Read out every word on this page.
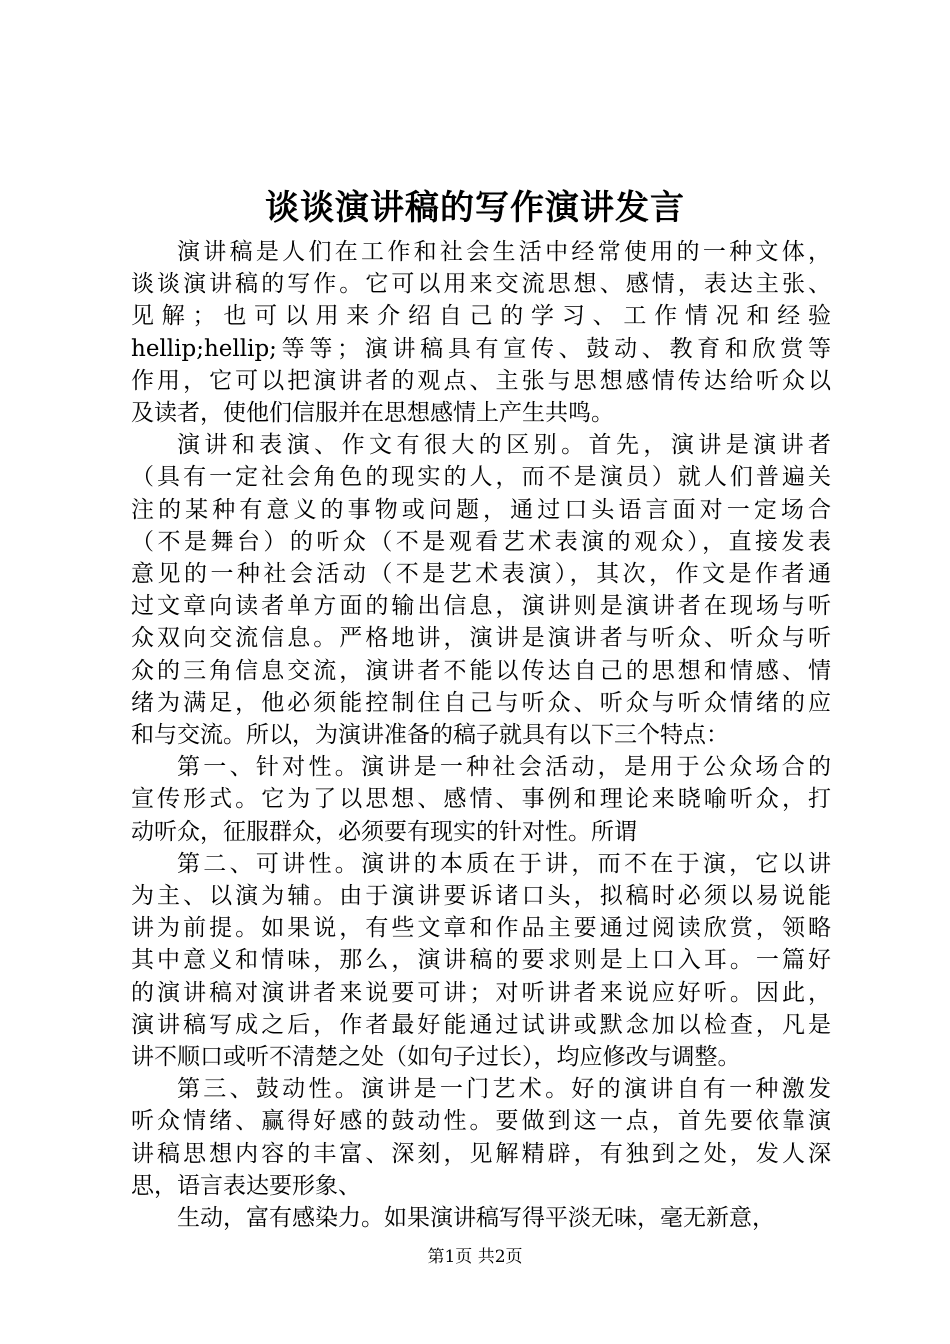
谈谈演讲稿的写作演讲发言
演讲稿是人们在工作和社会生活中经常使用的一种文体，
谈谈演讲稿的写作。它可以用来交流思想、感情，表达主张、
见解；也可以用来介绍自己的学习、工作情况和经验
hellip;hellip;等等；演讲稿具有宣传、鼓动、教育和欣赏等
作用，它可以把演讲者的观点、主张与思想感情传达给听众以
及读者，使他们信服并在思想感情上产生共鸣。
演讲和表演、作文有很大的区别。首先，演讲是演讲者
（具有一定社会角色的现实的人，而不是演员）就人们普遍关
注的某种有意义的事物或问题，通过口头语言面对一定场合
（不是舞台）的听众（不是观看艺术表演的观众），直接发表
意见的一种社会活动（不是艺术表演），其次，作文是作者通
过文章向读者单方面的输出信息，演讲则是演讲者在现场与听
众双向交流信息。严格地讲，演讲是演讲者与听众、听众与听
众的三角信息交流，演讲者不能以传达自己的思想和情感、情
绪为满足，他必须能控制住自己与听众、听众与听众情绪的应
和与交流。所以，为演讲准备的稿子就具有以下三个特点：
第一、针对性。演讲是一种社会活动，是用于公众场合的
宣传形式。它为了以思想、感情、事例和理论来晓喻听众，打
动听众，征服群众，必须要有现实的针对性。所谓
第二、可讲性。演讲的本质在于讲，而不在于演，它以讲
为主、以演为辅。由于演讲要诉诸口头，拟稿时必须以易说能
讲为前提。如果说，有些文章和作品主要通过阅读欣赏，领略
其中意义和情味，那么，演讲稿的要求则是上口入耳。一篇好
的演讲稿对演讲者来说要可讲；对听讲者来说应好听。因此，
演讲稿写成之后，作者最好能通过试讲或默念加以检查，凡是
讲不顺口或听不清楚之处（如句子过长），均应修改与调整。
第三、鼓动性。演讲是一门艺术。好的演讲自有一种激发
听众情绪、赢得好感的鼓动性。要做到这一点，首先要依靠演
讲稿思想内容的丰富、深刻，见解精辟，有独到之处，发人深
思，语言表达要形象、
生动，富有感染力。如果演讲稿写得平淡无味，毫无新意，
第1页 共2页
